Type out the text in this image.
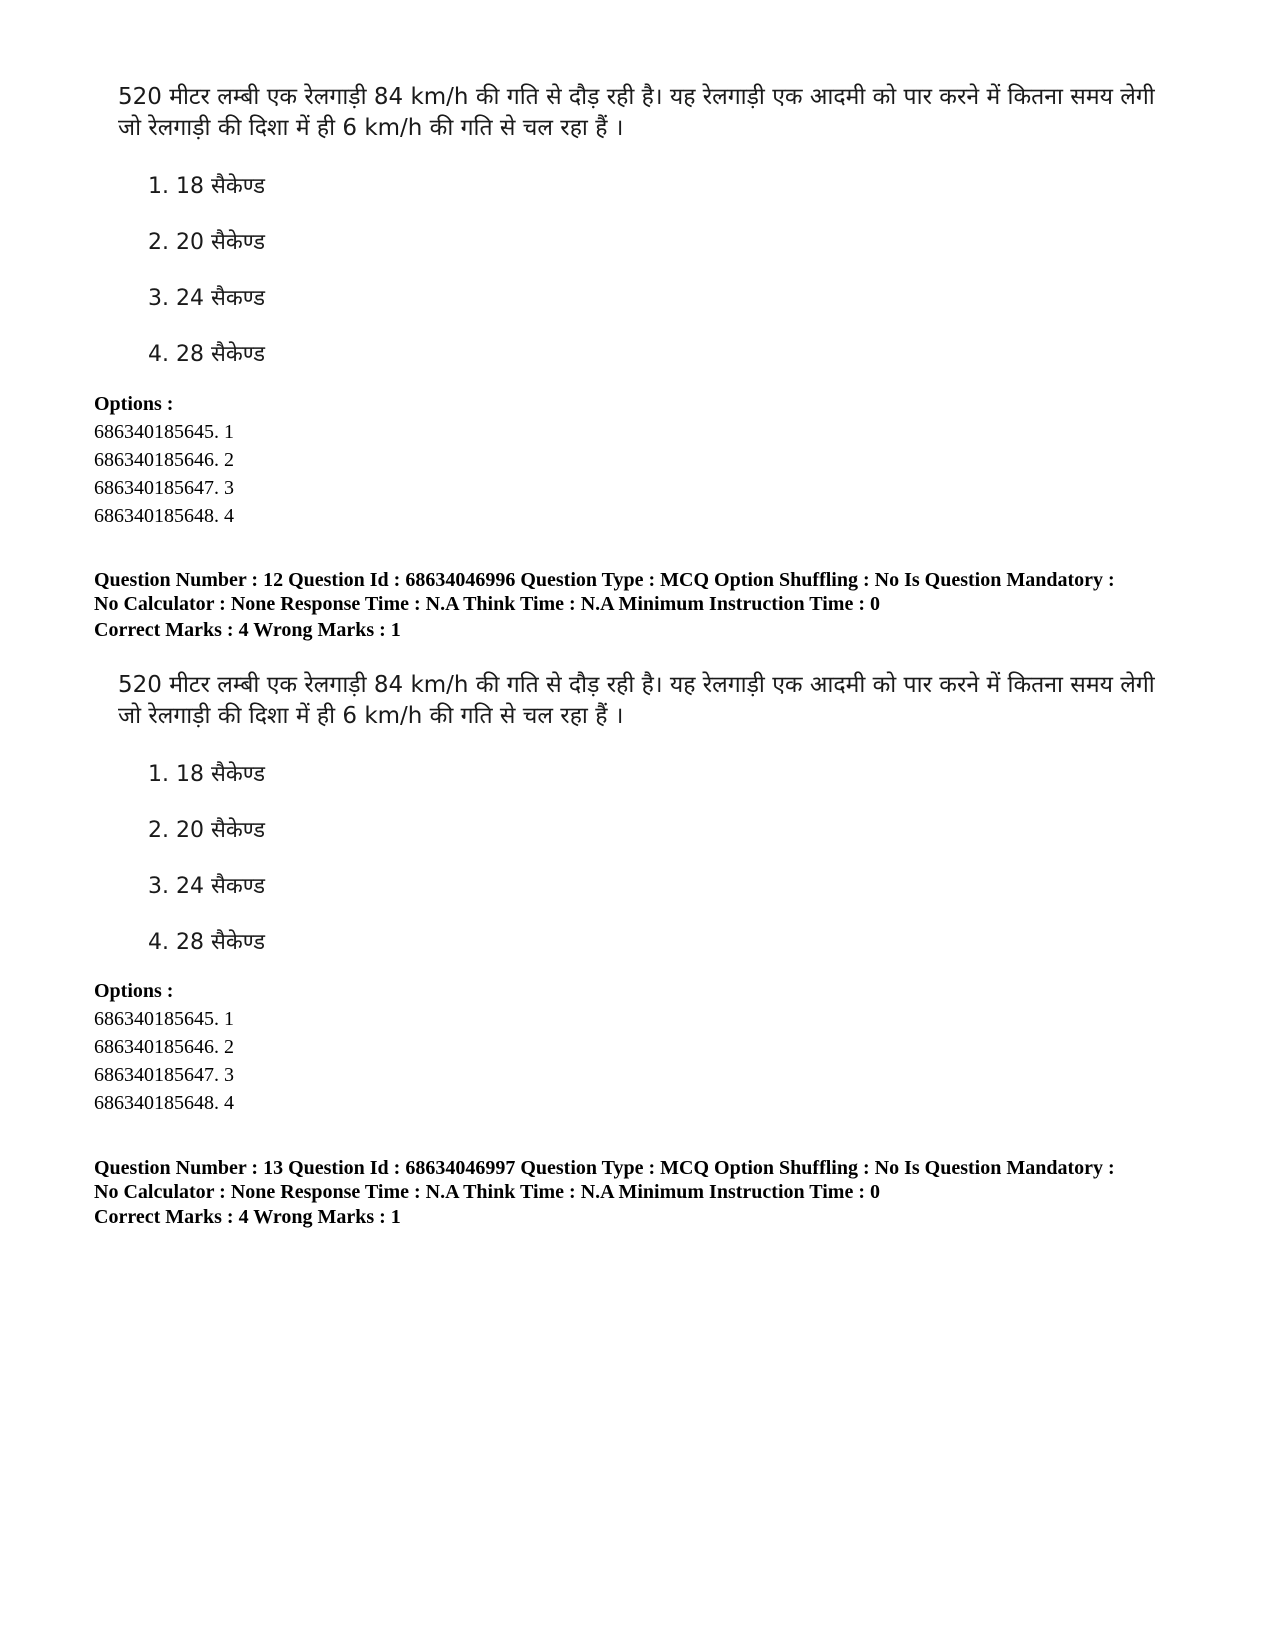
520 मीटर लम्बी एक रेलगाड़ी 84 km/h की गति से दौड़ रही है। यह रेलगाड़ी एक आदमी को पार करने में कितना समय लेगी जो रेलगाड़ी की दिशा में ही 6 km/h की गति से चल रहा हैं ।

1. 18 सैकेण्ड
2. 20 सैकेण्ड
3. 24 सैकण्ड
4. 28 सैकेण्ड
Options :
686340185645. 1
686340185646. 2
686340185647. 3
686340185648. 4
Question Number : 12 Question Id : 68634046996 Question Type : MCQ Option Shuffling : No Is Question Mandatory :
No Calculator : None Response Time : N.A Think Time : N.A Minimum Instruction Time : 0
Correct Marks : 4 Wrong Marks : 1

520 मीटर लम्बी एक रेलगाड़ी 84 km/h की गति से दौड़ रही है। यह रेलगाड़ी एक आदमी को पार करने में कितना समय लेगी जो रेलगाड़ी की दिशा में ही 6 km/h की गति से चल रहा हैं ।

1. 18 सैकेण्ड
2. 20 सैकेण्ड
3. 24 सैकण्ड
4. 28 सैकेण्ड
Options :
686340185645. 1
686340185646. 2
686340185647. 3
686340185648. 4
Question Number : 13 Question Id : 68634046997 Question Type : MCQ Option Shuffling : No Is Question Mandatory :
No Calculator : None Response Time : N.A Think Time : N.A Minimum Instruction Time : 0
Correct Marks : 4 Wrong Marks : 1
